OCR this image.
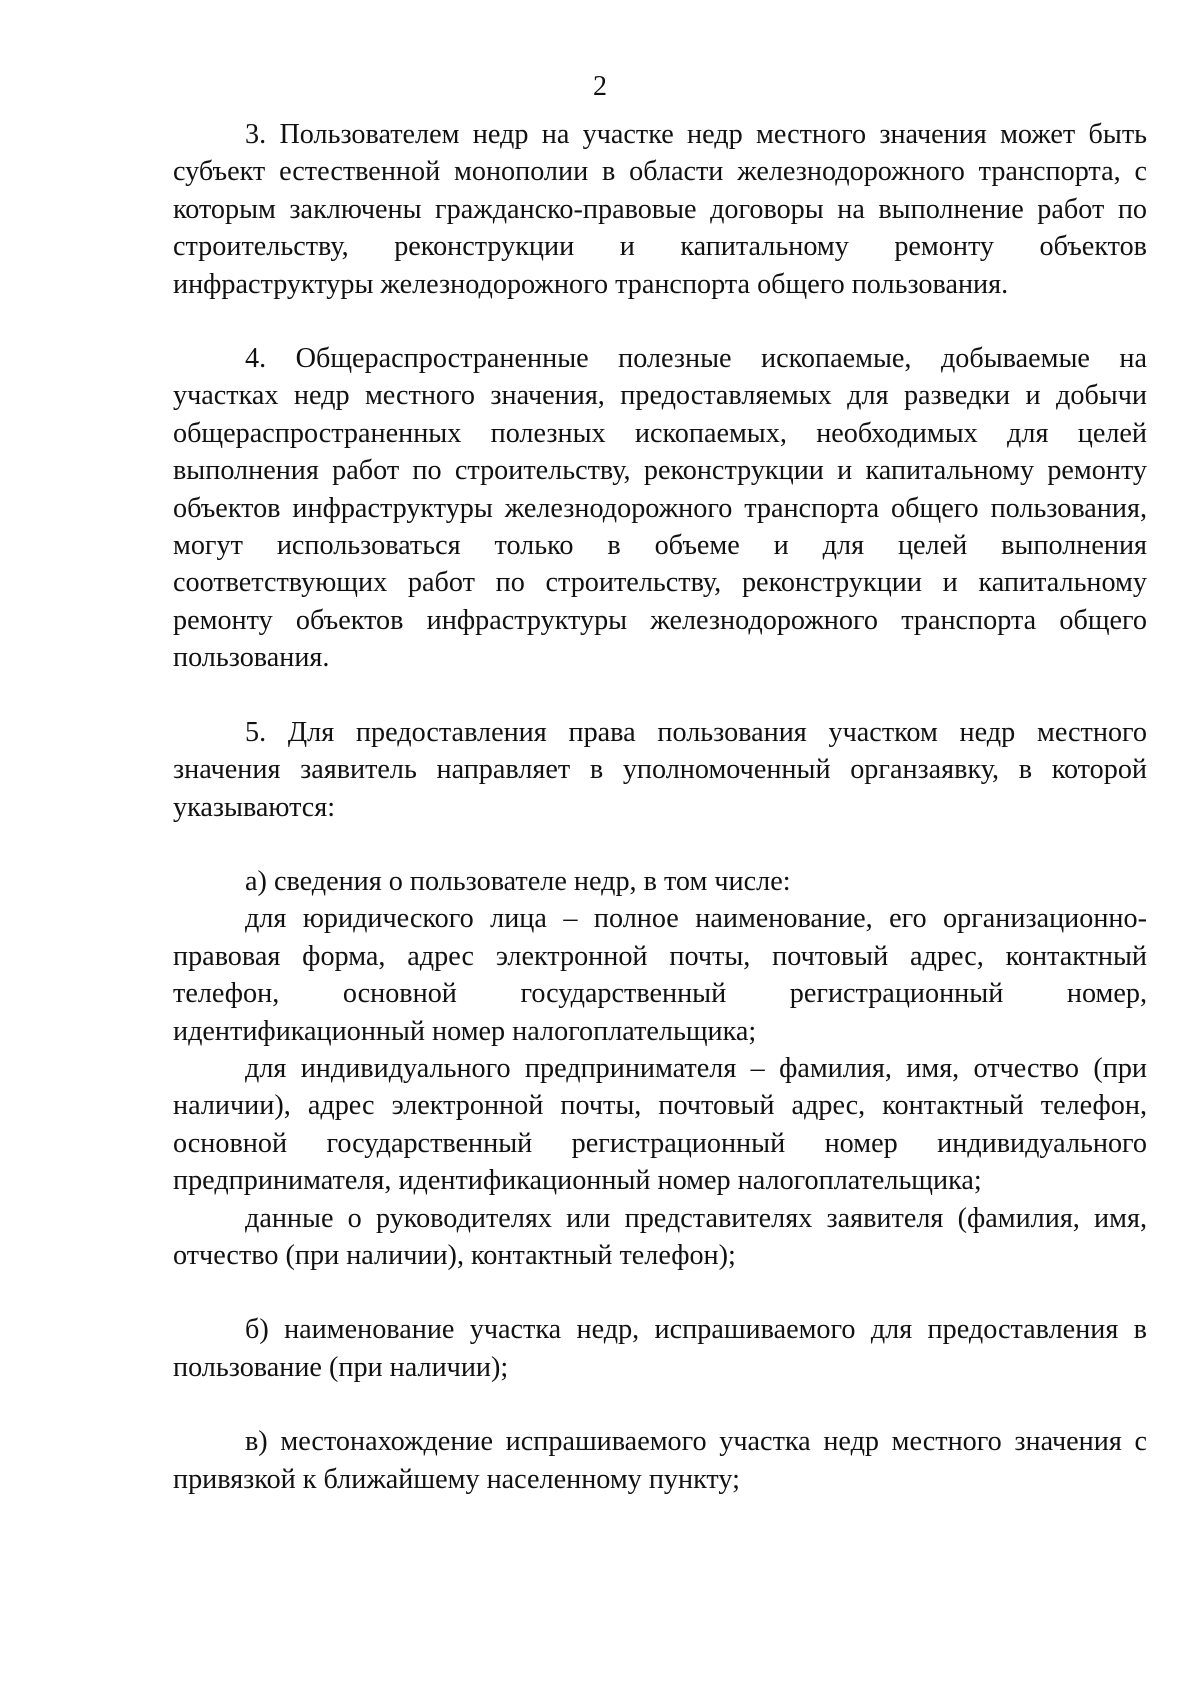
2

3. Пользователем недр на участке недр местного значения может быть субъект естественной монополии в области железнодорожного транспорта, с которым заключены гражданско-правовые договоры на выполнение работ по строительству, реконструкции и капитальному ремонту объектов инфраструктуры железнодорожного транспорта общего пользования.

4. Общераспространенные полезные ископаемые, добываемые на участках недр местного значения, предоставляемых для разведки и добычи общераспространенных полезных ископаемых, необходимых для целей выполнения работ по строительству, реконструкции и капитальному ремонту объектов инфраструктуры железнодорожного транспорта общего пользования, могут использоваться только в объеме и для целей выполнения соответствующих работ по строительству, реконструкции и капитальному ремонту объектов инфраструктуры железнодорожного транспорта общего пользования.

5. Для предоставления права пользования участком недр местного значения заявитель направляет в уполномоченный органзаявку, в которой указываются:

а) сведения о пользователе недр, в том числе:

для юридического лица – полное наименование, его организационно-правовая форма, адрес электронной почты, почтовый адрес, контактный телефон, основной государственный регистрационный номер, идентификационный номер налогоплательщика;

для индивидуального предпринимателя – фамилия, имя, отчество (при наличии), адрес электронной почты, почтовый адрес, контактный телефон, основной государственный регистрационный номер индивидуального предпринимателя, идентификационный номер налогоплательщика;

данные о руководителях или представителях заявителя (фамилия, имя, отчество (при наличии), контактный телефон);

б) наименование участка недр, испрашиваемого для предоставления в пользование (при наличии);

в) местонахождение испрашиваемого участка недр местного значения с привязкой к ближайшему населенному пункту;
